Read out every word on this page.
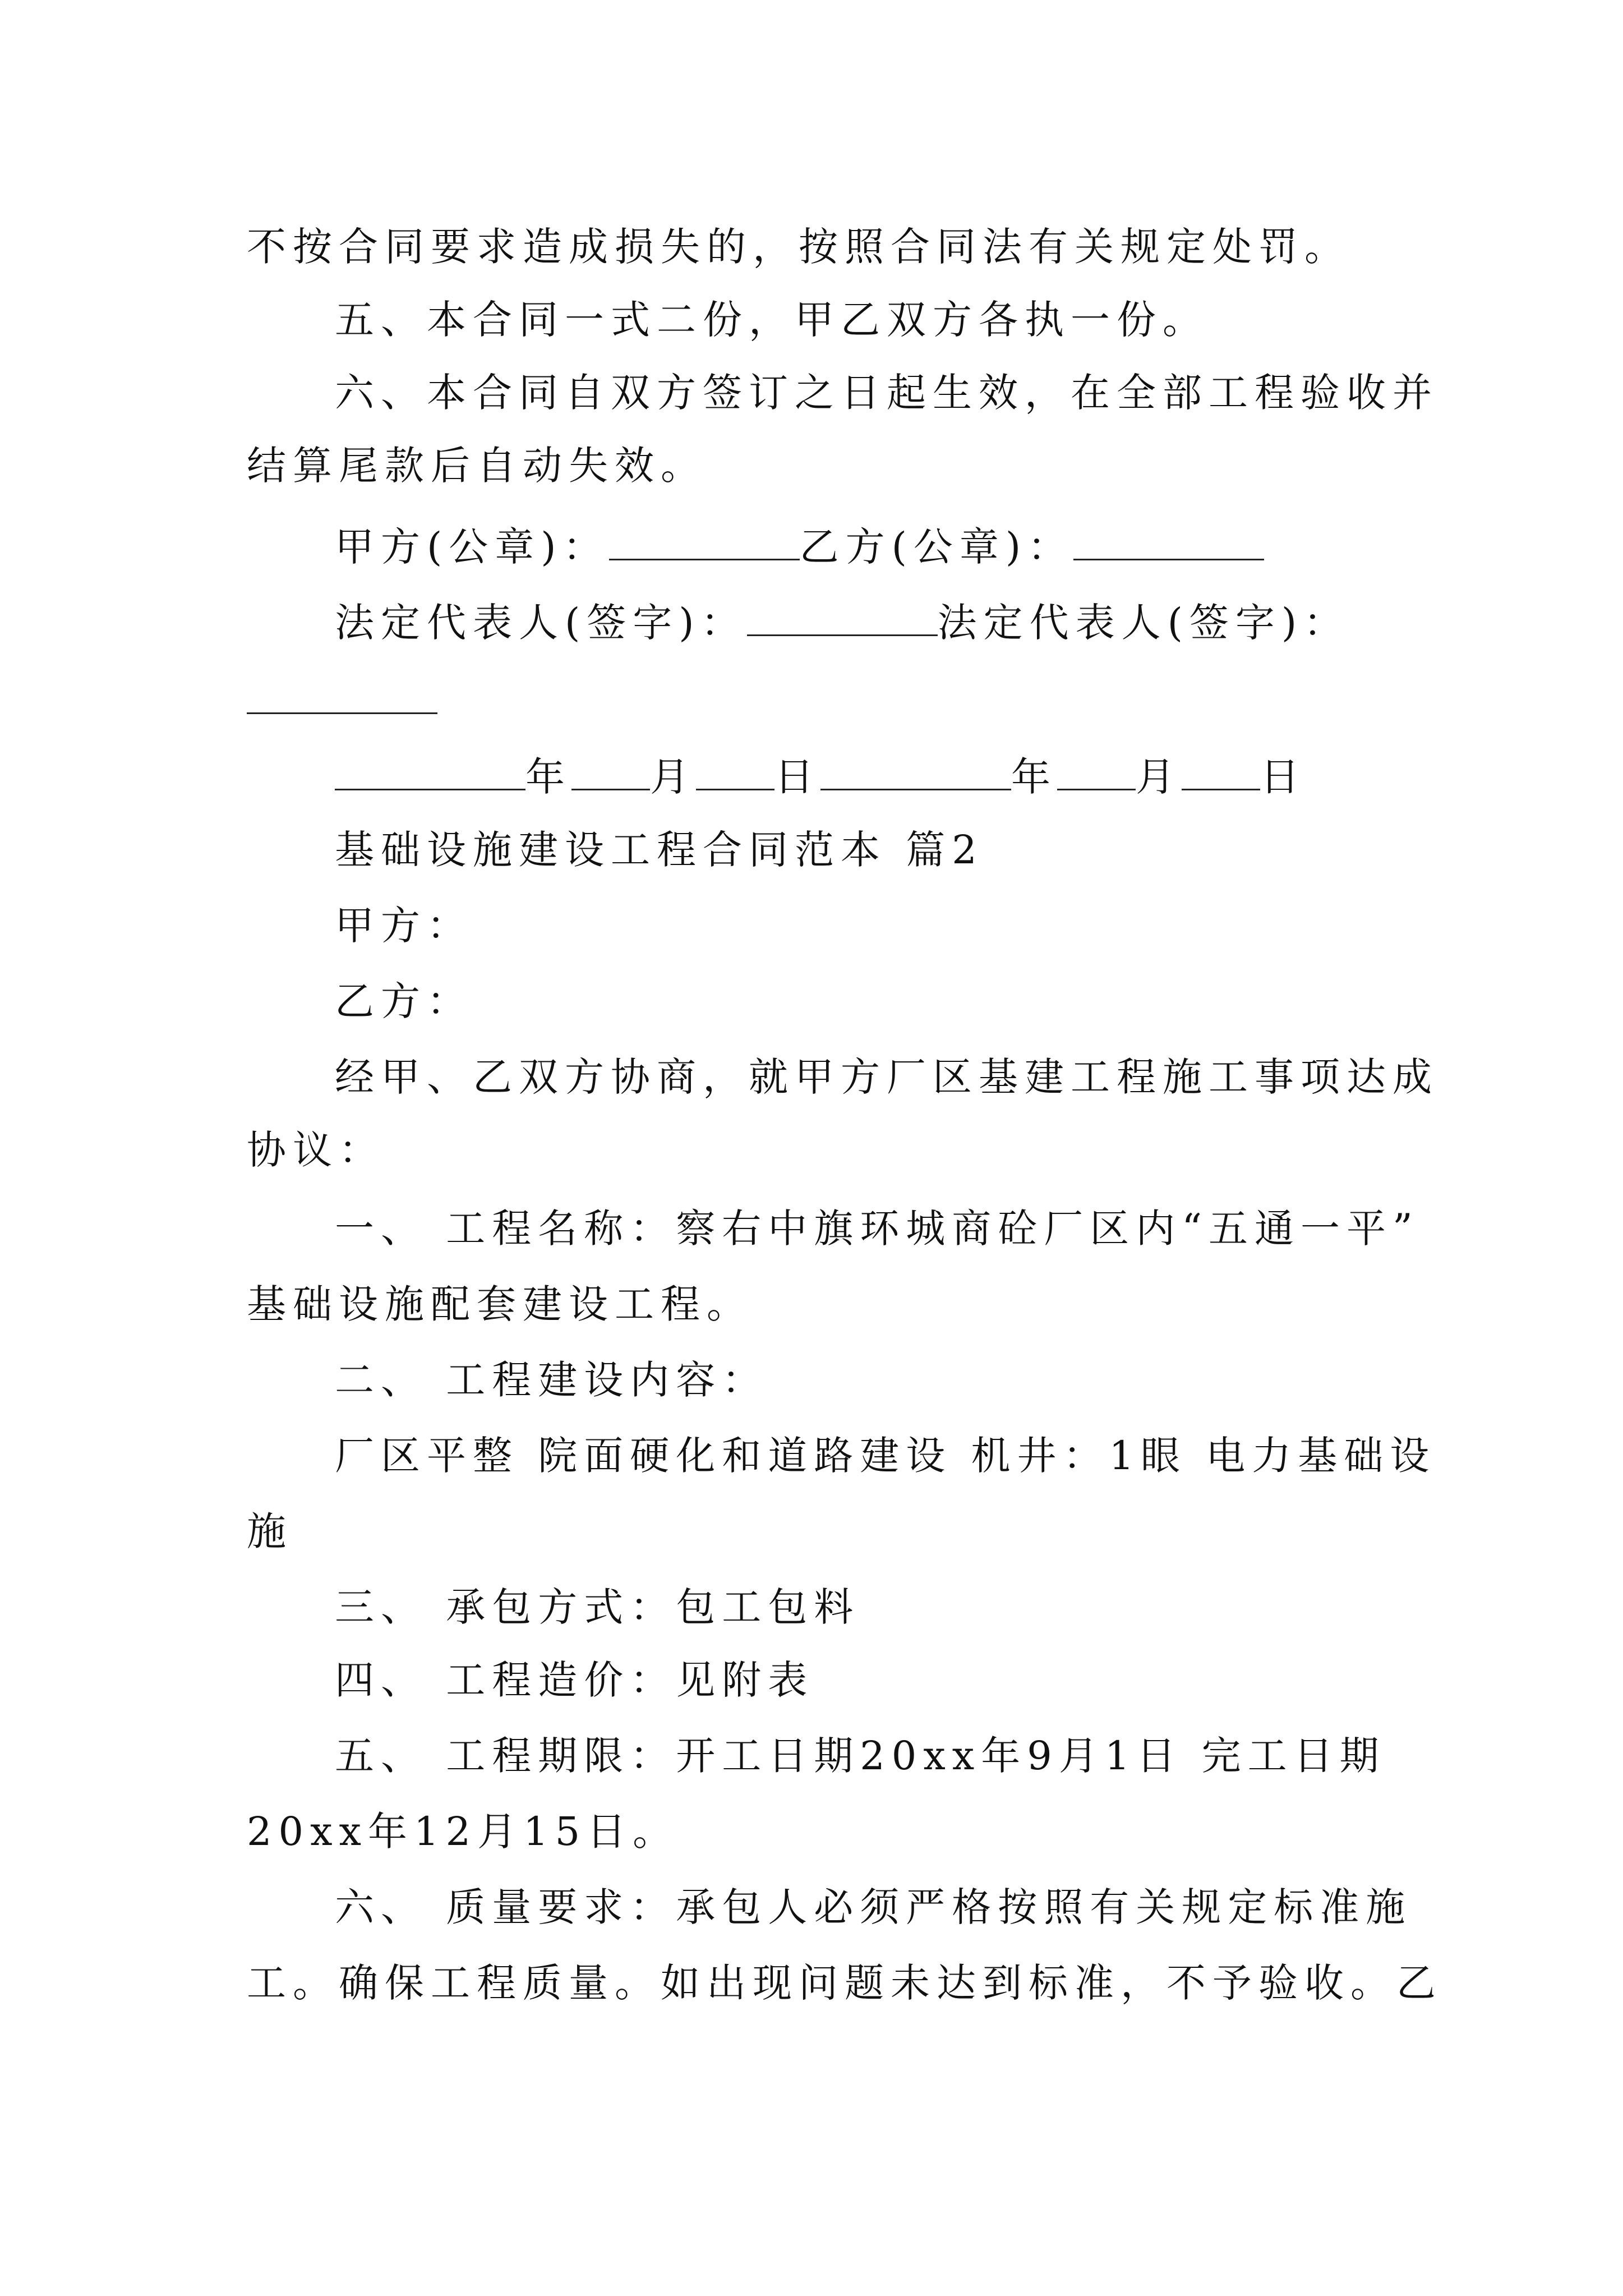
不按合同要求造成损失的，按照合同法有关规定处罚。
五、本合同一式二份，甲乙双方各执一份。
六、本合同自双方签订之日起生效，在全部工程验收并
结算尾款后自动失效。
甲方(公章)：	乙方(公章)：
法定代表人(签字)：	法定代表人(签字)：
年 月 日	年 月 日
基础设施建设工程合同范本 篇2
甲方：
乙方：
经甲、乙双方协商，就甲方厂区基建工程施工事项达成
协议：
一、 工程名称：察右中旗环城商砼厂区内“五通一平”
基础设施配套建设工程。
二、 工程建设内容：
厂区平整 院面硬化和道路建设 机井：1眼 电力基础设
施
三、 承包方式：包工包料
四、 工程造价：见附表
五、 工程期限：开工日期20xx年9月1日 完工日期
20xx年12月15日。
六、 质量要求：承包人必须严格按照有关规定标准施
工。确保工程质量。如出现问题未达到标准，不予验收。乙
